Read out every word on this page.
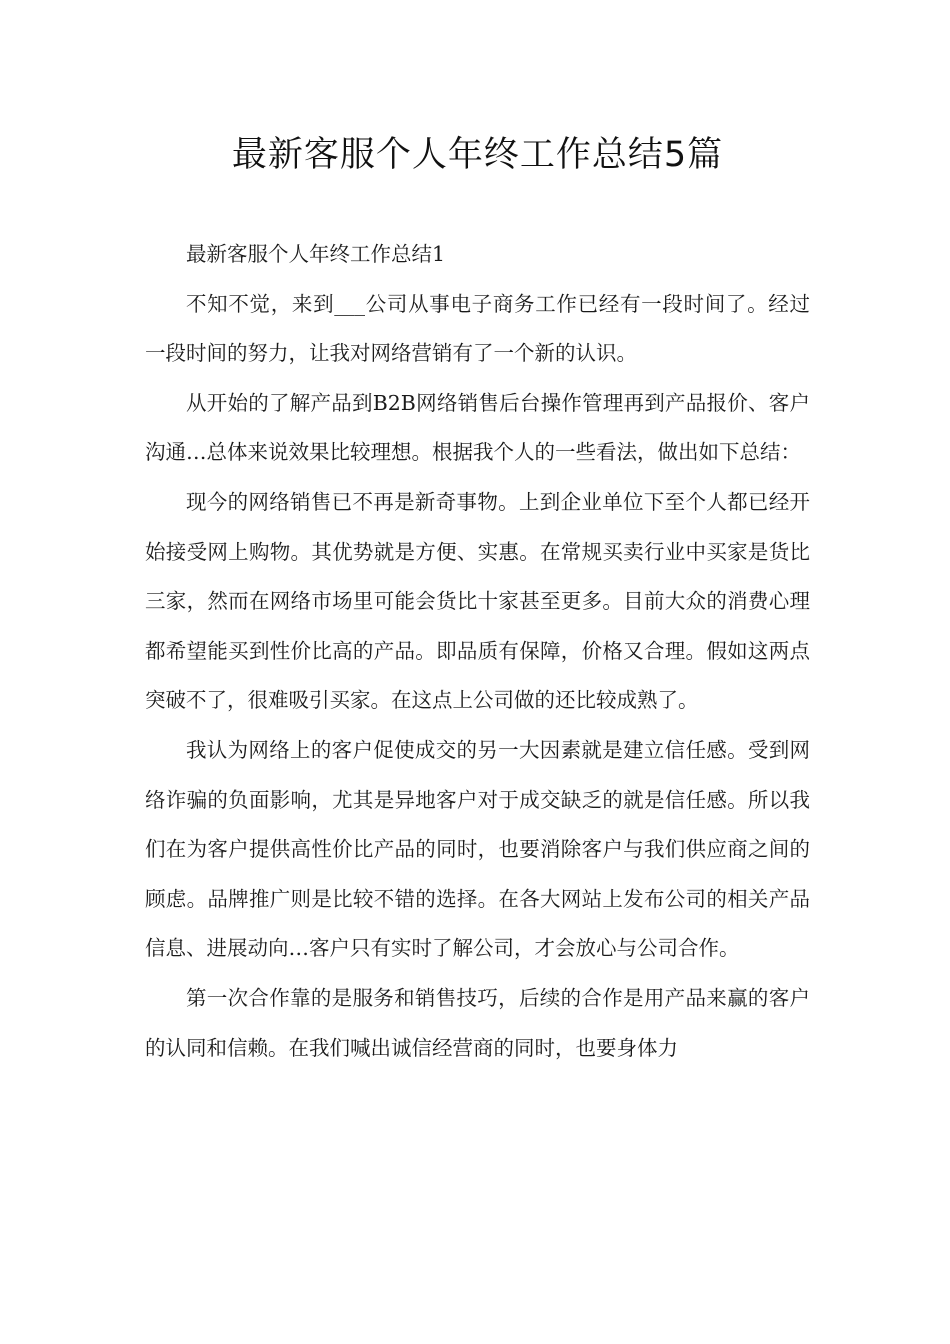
最新客服个人年终工作总结5篇

最新客服个人年终工作总结1

不知不觉，来到___公司从事电子商务工作已经有一段时间了。经过一段时间的努力，让我对网络营销有了一个新的认识。

从开始的了解产品到B2B网络销售后台操作管理再到产品报价、客户沟通…总体来说效果比较理想。根据我个人的一些看法，做出如下总结：

现今的网络销售已不再是新奇事物。上到企业单位下至个人都已经开始接受网上购物。其优势就是方便、实惠。在常规买卖行业中买家是货比三家，然而在网络市场里可能会货比十家甚至更多。目前大众的消费心理都希望能买到性价比高的产品。即品质有保障，价格又合理。假如这两点突破不了，很难吸引买家。在这点上公司做的还比较成熟了。

我认为网络上的客户促使成交的另一大因素就是建立信任感。受到网络诈骗的负面影响，尤其是异地客户对于成交缺乏的就是信任感。所以我们在为客户提供高性价比产品的同时，也要消除客户与我们供应商之间的顾虑。品牌推广则是比较不错的选择。在各大网站上发布公司的相关产品信息、进展动向…客户只有实时了解公司，才会放心与公司合作。

第一次合作靠的是服务和销售技巧，后续的合作是用产品来赢的客户的认同和信赖。在我们喊出诚信经营商的同时，也要身体力
